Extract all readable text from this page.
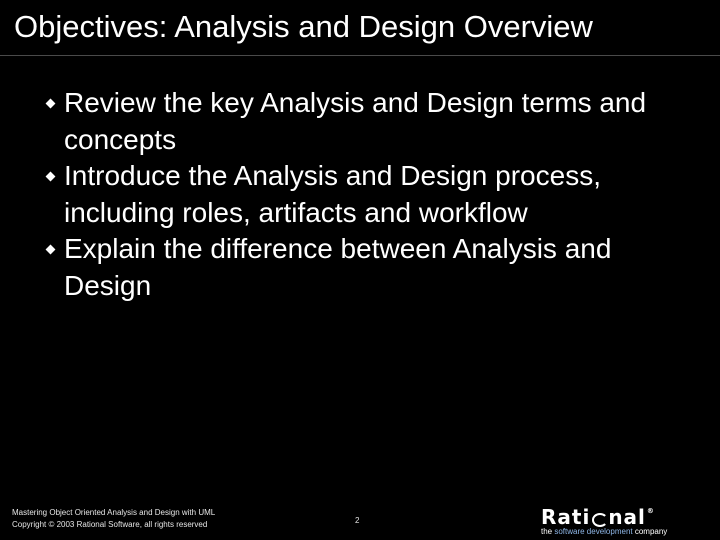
Objectives: Analysis and Design Overview
Review the key Analysis and Design terms and concepts
Introduce the Analysis and Design process, including roles, artifacts and workflow
Explain the difference between Analysis and Design
Mastering Object Oriented Analysis and Design with UML
Copyright © 2003 Rational Software, all rights reserved	2	Rati nal ®
the software development company
